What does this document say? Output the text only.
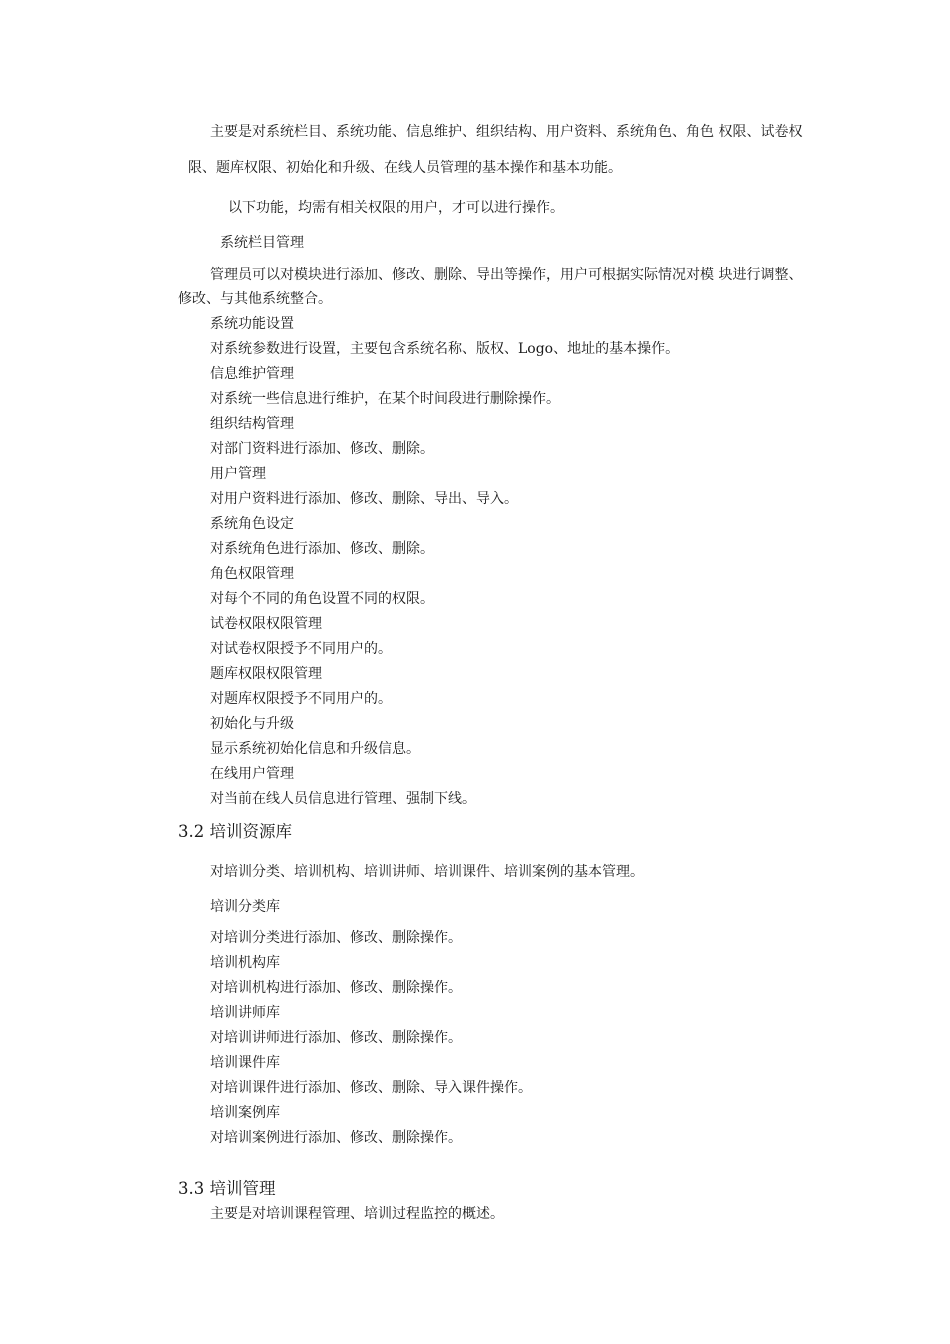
主要是对系统栏目、系统功能、信息维护、组织结构、用户资料、系统角色、角色 权限、试卷权
限、题库权限、初始化和升级、在线人员管理的基本操作和基本功能。
以下功能，均需有相关权限的用户，才可以进行操作。
系统栏目管理
管理员可以对模块进行添加、修改、删除、导出等操作，用户可根据实际情况对模 块进行调整、
修改、与其他系统整合。
系统功能设置
对系统参数进行设置，主要包含系统名称、版权、Logo、地址的基本操作。
信息维护管理
对系统一些信息进行维护，在某个时间段进行删除操作。
组织结构管理
对部门资料进行添加、修改、删除。
用户管理
对用户资料进行添加、修改、删除、导出、导入。
系统角色设定
对系统角色进行添加、修改、删除。
角色权限管理
对每个不同的角色设置不同的权限。
试卷权限权限管理
对试卷权限授予不同用户的。
题库权限权限管理
对题库权限授予不同用户的。
初始化与升级
显示系统初始化信息和升级信息。
在线用户管理
对当前在线人员信息进行管理、强制下线。
3.2 培训资源库
对培训分类、培训机构、培训讲师、培训课件、培训案例的基本管理。
培训分类库
对培训分类进行添加、修改、删除操作。
培训机构库
对培训机构进行添加、修改、删除操作。
培训讲师库
对培训讲师进行添加、修改、删除操作。
培训课件库
对培训课件进行添加、修改、删除、导入课件操作。
培训案例库
对培训案例进行添加、修改、删除操作。
3.3 培训管理
主要是对培训课程管理、培训过程监控的概述。
